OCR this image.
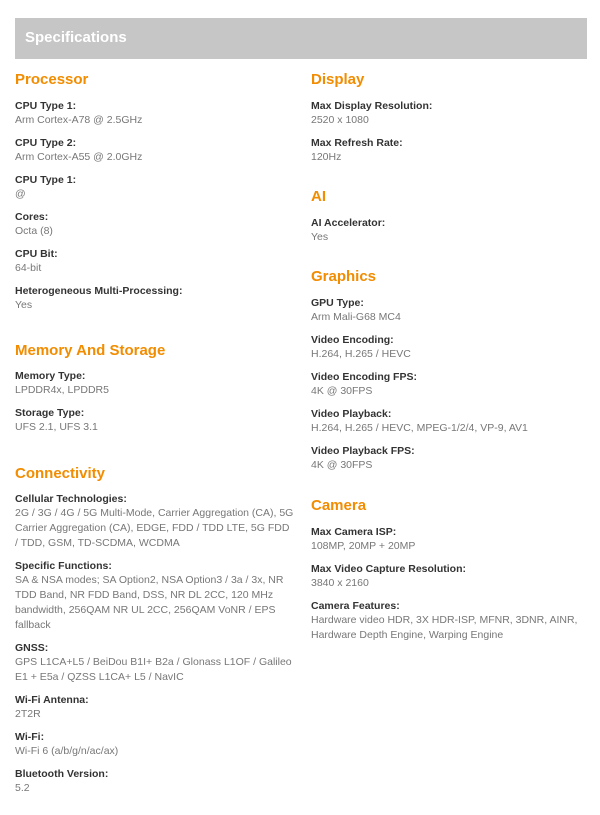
Specifications
Processor
CPU Type 1:
Arm Cortex-A78 @ 2.5GHz
CPU Type 2:
Arm Cortex-A55 @ 2.0GHz
CPU Type 1:
@
Cores:
Octa (8)
CPU Bit:
64-bit
Heterogeneous Multi-Processing:
Yes
Memory And Storage
Memory Type:
LPDDR4x, LPDDR5
Storage Type:
UFS 2.1, UFS 3.1
Connectivity
Cellular Technologies:
2G / 3G / 4G / 5G Multi-Mode, Carrier Aggregation (CA), 5G Carrier Aggregation (CA), EDGE, FDD / TDD LTE, 5G FDD / TDD, GSM, TD-SCDMA, WCDMA
Specific Functions:
SA & NSA modes; SA Option2, NSA Option3 / 3a / 3x, NR TDD Band, NR FDD Band, DSS, NR DL 2CC, 120 MHz bandwidth, 256QAM NR UL 2CC, 256QAM VoNR / EPS fallback
GNSS:
GPS L1CA+L5 / BeiDou B1I+ B2a / Glonass L1OF / Galileo E1 + E5a / QZSS L1CA+ L5 / NavIC
Wi-Fi Antenna:
2T2R
Wi-Fi:
Wi-Fi 6 (a/b/g/n/ac/ax)
Bluetooth Version:
5.2
Display
Max Display Resolution:
2520 x 1080
Max Refresh Rate:
120Hz
AI
AI Accelerator:
Yes
Graphics
GPU Type:
Arm Mali-G68 MC4
Video Encoding:
H.264, H.265 / HEVC
Video Encoding FPS:
4K @ 30FPS
Video Playback:
H.264, H.265 / HEVC, MPEG-1/2/4, VP-9, AV1
Video Playback FPS:
4K @ 30FPS
Camera
Max Camera ISP:
108MP, 20MP + 20MP
Max Video Capture Resolution:
3840 x 2160
Camera Features:
Hardware video HDR, 3X HDR-ISP, MFNR, 3DNR, AINR, Hardware Depth Engine, Warping Engine
